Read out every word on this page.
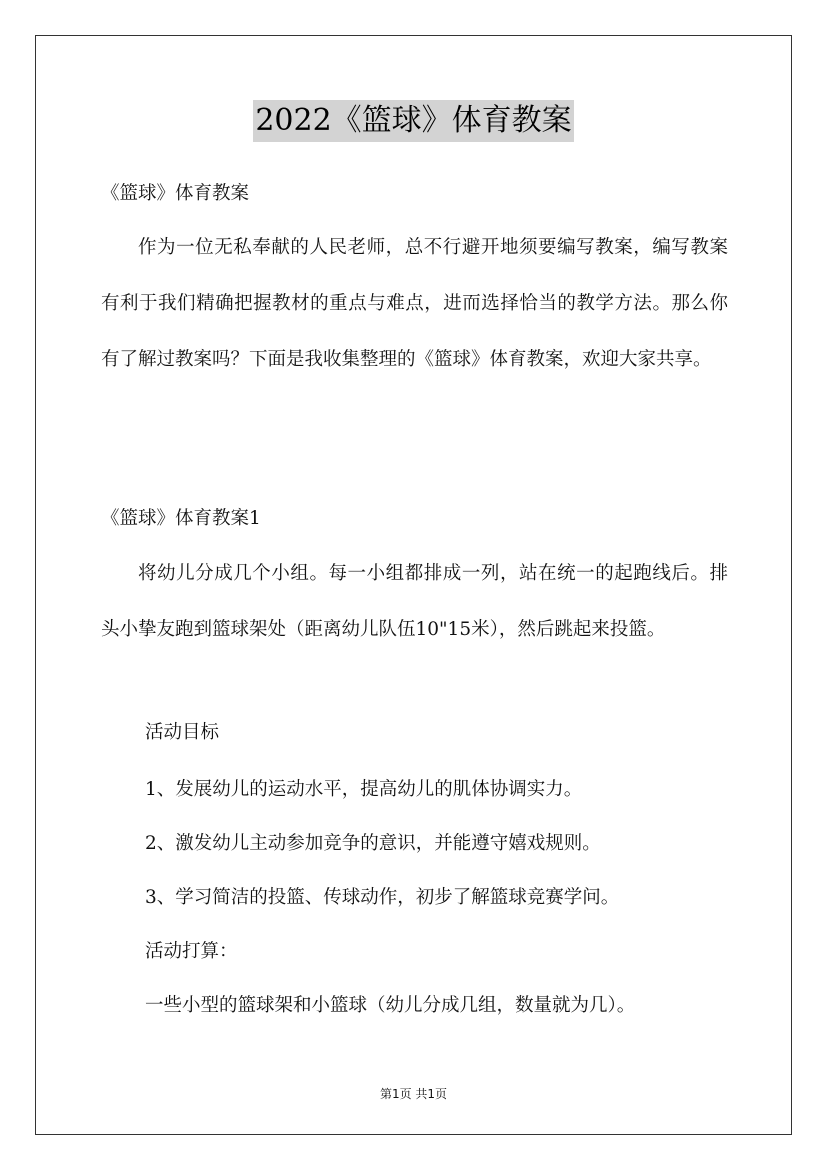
2022《篮球》体育教案
《篮球》体育教案
作为一位无私奉献的人民老师，总不行避开地须要编写教案，编写教案有利于我们精确把握教材的重点与难点，进而选择恰当的教学方法。那么你有了解过教案吗？下面是我收集整理的《篮球》体育教案，欢迎大家共享。
《篮球》体育教案1
将幼儿分成几个小组。每一小组都排成一列，站在统一的起跑线后。排头小挚友跑到篮球架处（距离幼儿队伍10"15米），然后跳起来投篮。
活动目标
1、发展幼儿的运动水平，提高幼儿的肌体协调实力。
2、激发幼儿主动参加竞争的意识，并能遵守嬉戏规则。
3、学习简洁的投篮、传球动作，初步了解篮球竞赛学问。
活动打算：
一些小型的篮球架和小篮球（幼儿分成几组，数量就为几）。
第1页 共1页
